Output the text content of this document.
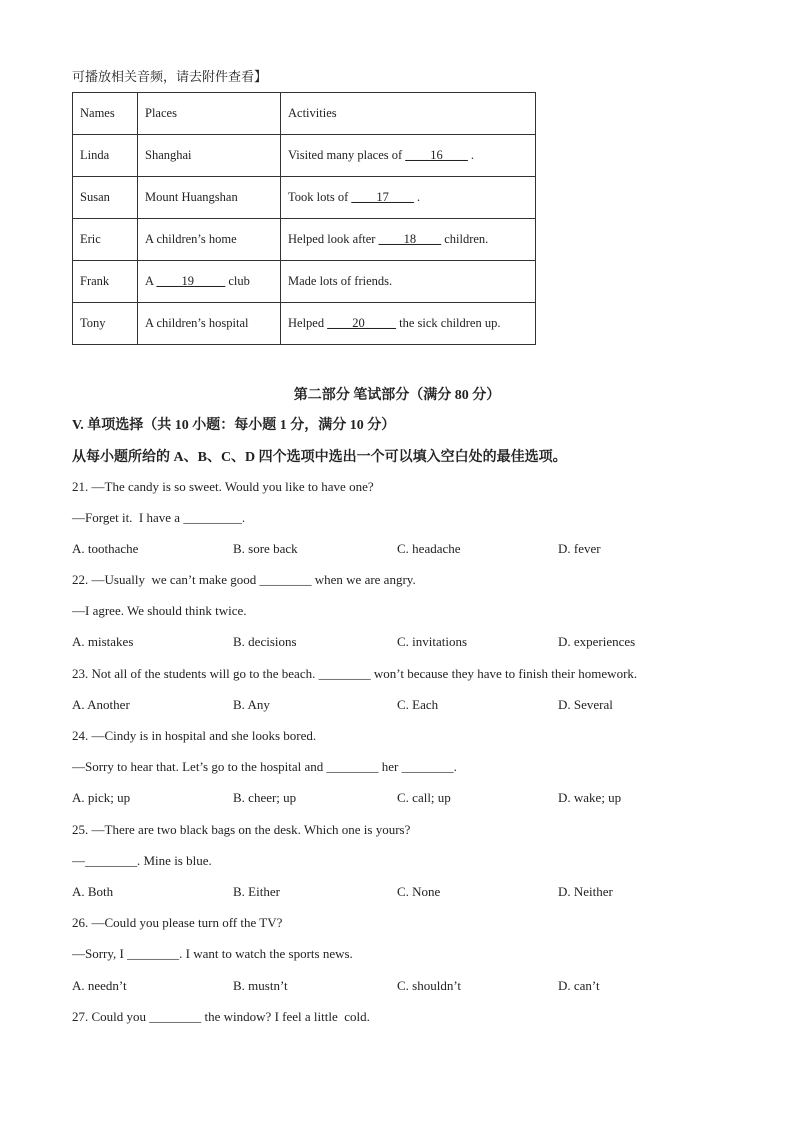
可播放相关音频，请去附件查看】
Names	Places	Activities
Linda	Shanghai	Visited many places of ____16____ .
Susan	Mount Huangshan	Took lots of ____17____ .
Eric	A children’s home	Helped look after ____18____ children.
Frank	A ____19_____ club	Made lots of friends.
Tony	A children’s hospital	Helped ____20_____ the sick children up.
第二部分 笔试部分（满分 80 分）
V. 单项选择（共 10 小题：每小题 1 分，满分 10 分）
从每小题所给的 A、B、C、D 四个选项中选出一个可以填入空白处的最佳选项。
21. —The candy is so sweet. Would you like to have one?
—Forget it.  I have a _________.
A. toothache	B. sore back	C. headache	D. fever
22. —Usually  we can’t make good ________ when we are angry.
—I agree. We should think twice.
A. mistakes	B. decisions	C. invitations	D. experiences
23. Not all of the students will go to the beach. ________ won’t because they have to finish their homework.
A. Another	B. Any	C. Each	D. Several
24. —Cindy is in hospital and she looks bored.
—Sorry to hear that. Let’s go to the hospital and ________ her ________.
A. pick; up	B. cheer; up	C. call; up	D. wake; up
25. —There are two black bags on the desk. Which one is yours?
—________. Mine is blue.
A. Both	B. Either	C. None	D. Neither
26. —Could you please turn off the TV?
—Sorry, I ________. I want to watch the sports news.
A. needn’t	B. mustn’t	C. shouldn’t	D. can’t
27. Could you ________ the window? I feel a little  cold.
